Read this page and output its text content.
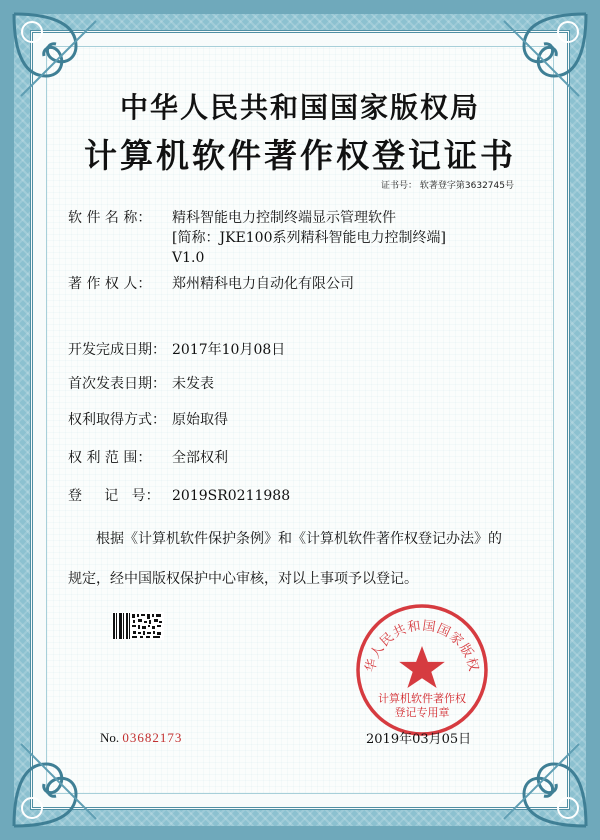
中华人民共和国国家版权局
计算机软件著作权登记证书
证书号： 软著登字第3632745号
软 件 名 称： 精科智能电力控制终端显示管理软件
[简称：JKE100系列精科智能电力控制终端]
V1.0
著 作 权 人： 郑州精科电力自动化有限公司
开发完成日期： 2017年10月08日
首次发表日期： 未发表
权利取得方式： 原始取得
权 利 范 围： 全部权利
登     记   号： 2019SR0211988
根据《计算机软件保护条例》和《计算机软件著作权登记办法》的
规定，经中国版权保护中心审核，对以上事项予以登记。
华人民共和国国家版权
计算机软件著作权
登记专用章
No. 03682173	2019年03月05日
